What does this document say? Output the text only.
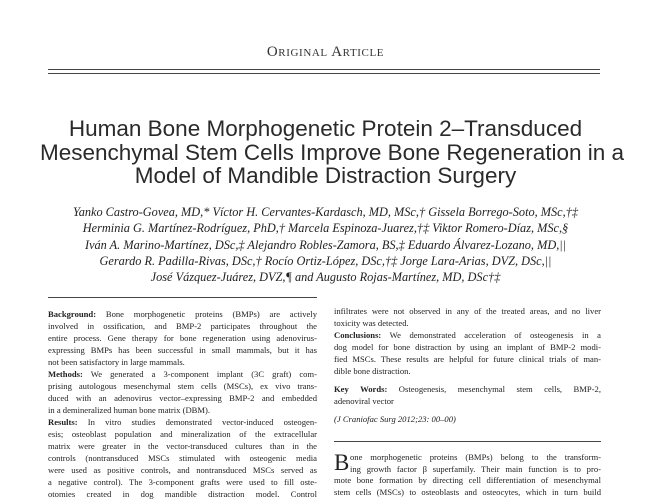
Original Article
Human Bone Morphogenetic Protein 2–Transduced
Mesenchymal Stem Cells Improve Bone Regeneration in a
Model of Mandible Distraction Surgery
Yanko Castro-Govea, MD,* Víctor H. Cervantes-Kardasch, MD, MSc,† Gissela Borrego-Soto, MSc,†‡
Herminia G. Martínez-Rodríguez, PhD,† Marcela Espinoza-Juarez,†‡ Viktor Romero-Díaz, MSc,§
Iván A. Marino-Martínez, DSc,‡ Alejandro Robles-Zamora, BS,‡ Eduardo Álvarez-Lozano, MD,||
Gerardo R. Padilla-Rivas, DSc,† Rocío Ortiz-López, DSc,†‡ Jorge Lara-Arias, DVZ, DSc,||
José Vázquez-Juárez, DVZ,¶ and Augusto Rojas-Martínez, MD, DSc†‡
Background: Bone morphogenetic proteins (BMPs) are actively
involved in ossification, and BMP-2 participates throughout the
entire process. Gene therapy for bone regeneration using adenovirus-
expressing BMPs has been successful in small mammals, but it has
not been satisfactory in large mammals.
Methods: We generated a 3-component implant (3C graft) com-
prising autologous mesenchymal stem cells (MSCs), ex vivo trans-
duced with an adenovirus vector–expressing BMP-2 and embedded
in a demineralized human bone matrix (DBM).
Results: In vitro studies demonstrated vector-induced osteogen-
esis; osteoblast population and mineralization of the extracellular
matrix were greater in the vector-transduced cultures than in the
controls (nontransduced MSCs stimulated with osteogenic media
were used as positive controls, and nontransduced MSCs served as
a negative control). The 3-component grafts were used to fill oste-
otomies created in dog mandible distraction model. Control
infiltrates were not observed in any of the treated areas, and no liver
toxicity was detected.
Conclusions: We demonstrated acceleration of osteogenesis in a
dog model for bone distraction by using an implant of BMP-2 modi-
fied MSCs. These results are helpful for future clinical trials of man-
dible bone distraction.
Key Words: Osteogenesis, mesenchymal stem cells, BMP-2,
adenoviral vector
(J Craniofac Surg 2012;23: 00–00)
B one morphogenetic proteins (BMPs) belong to the transform-
ing growth factor β superfamily. Their main function is to pro-
mote bone formation by directing cell differentiation of mesenchymal
stem cells (MSCs) to osteoblasts and osteocytes, which in turn build
